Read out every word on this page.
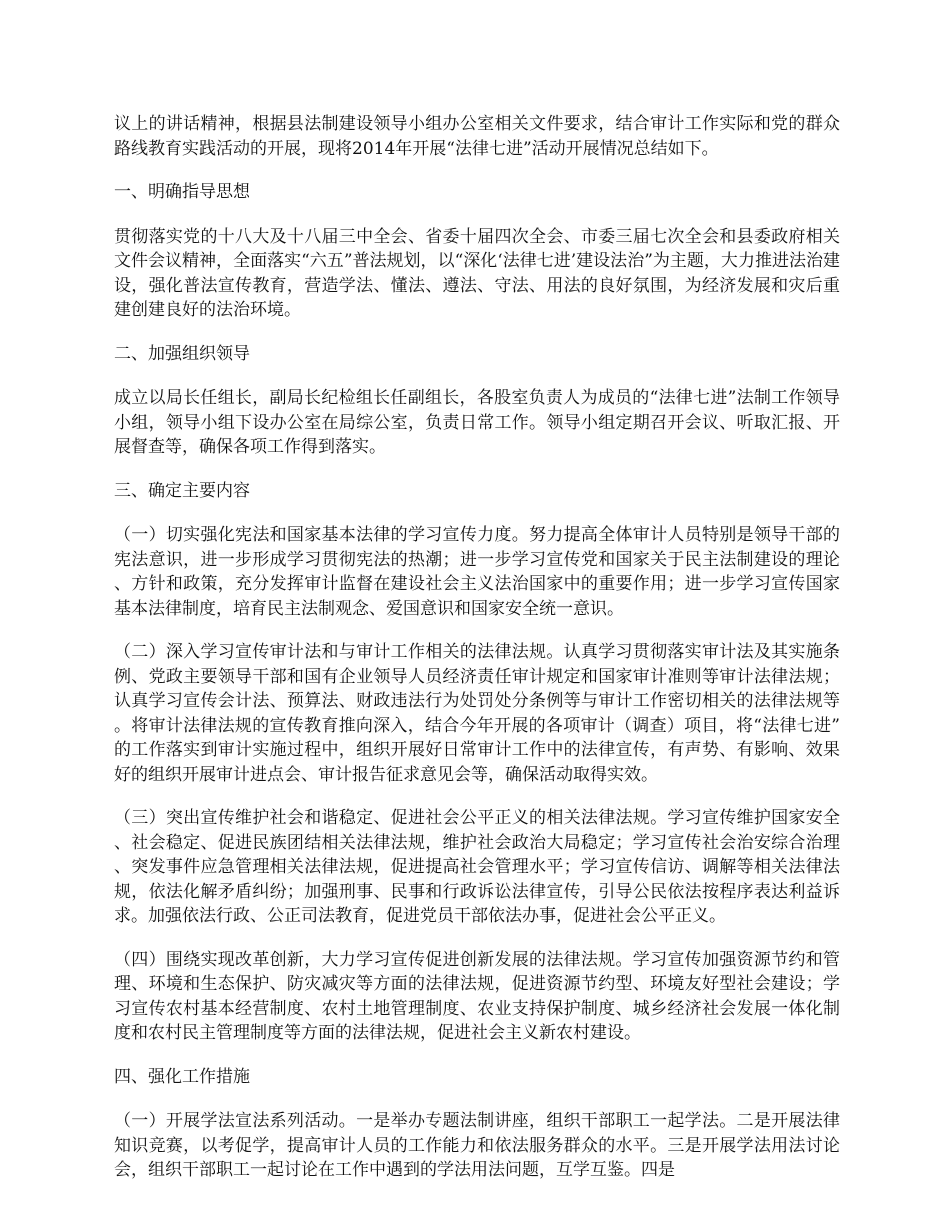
议上的讲话精神，根据县法制建设领导小组办公室相关文件要求，结合审计工作实际和党的群众路线教育实践活动的开展，现将2014年开展“法律七进”活动开展情况总结如下。

一、明确指导思想

贯彻落实党的十八大及十八届三中全会、省委十届四次全会、市委三届七次全会和县委政府相关文件会议精神，全面落实“六五”普法规划，以“深化‘法律七进’建设法治”为主题，大力推进法治建设，强化普法宣传教育，营造学法、懂法、遵法、守法、用法的良好氛围，为经济发展和灾后重建创建良好的法治环境。

二、加强组织领导

成立以局长任组长，副局长纪检组长任副组长，各股室负责人为成员的“法律七进”法制工作领导小组，领导小组下设办公室在局综公室，负责日常工作。领导小组定期召开会议、听取汇报、开展督查等，确保各项工作得到落实。

三、确定主要内容

（一）切实强化宪法和国家基本法律的学习宣传力度。努力提高全体审计人员特别是领导干部的宪法意识，进一步形成学习贯彻宪法的热潮；进一步学习宣传党和国家关于民主法制建设的理论、方针和政策，充分发挥审计监督在建设社会主义法治国家中的重要作用；进一步学习宣传国家基本法律制度，培育民主法制观念、爱国意识和国家安全统一意识。

（二）深入学习宣传审计法和与审计工作相关的法律法规。认真学习贯彻落实审计法及其实施条例、党政主要领导干部和国有企业领导人员经济责任审计规定和国家审计准则等审计法律法规；认真学习宣传会计法、预算法、财政违法行为处罚处分条例等与审计工作密切相关的法律法规等。将审计法律法规的宣传教育推向深入，结合今年开展的各项审计（调查）项目，将“法律七进”的工作落实到审计实施过程中，组织开展好日常审计工作中的法律宣传，有声势、有影响、效果好的组织开展审计进点会、审计报告征求意见会等，确保活动取得实效。

（三）突出宣传维护社会和谐稳定、促进社会公平正义的相关法律法规。学习宣传维护国家安全、社会稳定、促进民族团结相关法律法规，维护社会政治大局稳定；学习宣传社会治安综合治理、突发事件应急管理相关法律法规，促进提高社会管理水平；学习宣传信访、调解等相关法律法规，依法化解矛盾纠纷；加强刑事、民事和行政诉讼法律宣传，引导公民依法按程序表达利益诉求。加强依法行政、公正司法教育，促进党员干部依法办事，促进社会公平正义。

（四）围绕实现改革创新，大力学习宣传促进创新发展的法律法规。学习宣传加强资源节约和管理、环境和生态保护、防灾减灾等方面的法律法规，促进资源节约型、环境友好型社会建设；学习宣传农村基本经营制度、农村土地管理制度、农业支持保护制度、城乡经济社会发展一体化制度和农村民主管理制度等方面的法律法规，促进社会主义新农村建设。

四、强化工作措施

（一）开展学法宣法系列活动。一是举办专题法制讲座，组织干部职工一起学法。二是开展法律知识竞赛，以考促学，提高审计人员的工作能力和依法服务群众的水平。三是开展学法用法讨论会，组织干部职工一起讨论在工作中遇到的学法用法问题，互学互鉴。四是
